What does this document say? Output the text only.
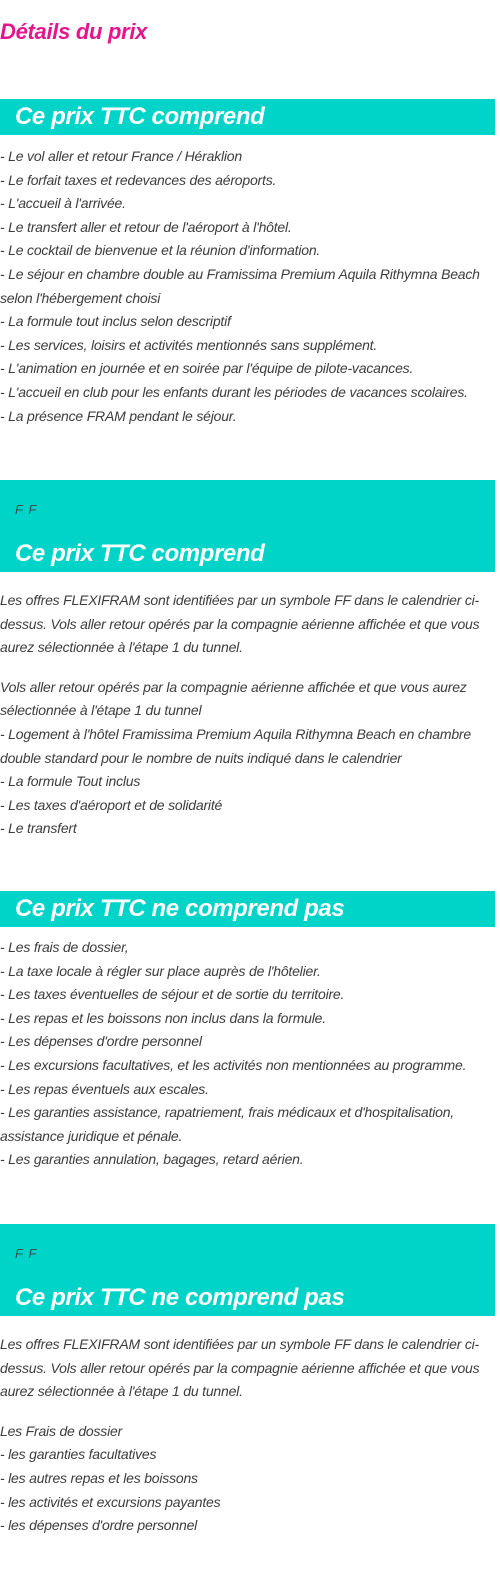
Détails du prix
Ce prix TTC comprend
- Le vol aller et retour France / Héraklion
- Le forfait taxes et redevances des aéroports.
- L'accueil à l'arrivée.
- Le transfert aller et retour de l'aéroport à l'hôtel.
- Le cocktail de bienvenue et la réunion d'information.
- Le séjour en chambre double au Framissima Premium Aquila Rithymna Beach selon l'hébergement choisi
- La formule tout inclus selon descriptif
- Les services, loisirs et activités mentionnés sans supplément.
- L'animation en journée et en soirée par l'équipe de pilote-vacances.
- L'accueil en club pour les enfants durant les périodes de vacances scolaires.
- La présence FRAM pendant le séjour.
F F
Ce prix TTC comprend

Les offres FLEXIFRAM sont identifiées par un symbole FF dans le calendrier ci-dessus. Vols aller retour opérés par la compagnie aérienne affichée et que vous aurez sélectionnée à l'étape 1 du tunnel.

Vols aller retour opérés par la compagnie aérienne affichée et que vous aurez sélectionnée à l'étape 1 du tunnel
- Logement à l'hôtel Framissima Premium Aquila Rithymna Beach en chambre double standard pour le nombre de nuits indiqué dans le calendrier
- La formule Tout inclus
- Les taxes d'aéroport et de solidarité
- Le transfert
Ce prix TTC ne comprend pas
- Les frais de dossier,
- La taxe locale à régler sur place auprès de l'hôtelier.
- Les taxes éventuelles de séjour et de sortie du territoire.
- Les repas et les boissons non inclus dans la formule.
- Les dépenses d'ordre personnel
- Les excursions facultatives, et les activités non mentionnées au programme.
- Les repas éventuels aux escales.
- Les garanties assistance, rapatriement, frais médicaux et d'hospitalisation, assistance juridique et pénale.
- Les garanties annulation, bagages, retard aérien.
F F
Ce prix TTC ne comprend pas

Les offres FLEXIFRAM sont identifiées par un symbole FF dans le calendrier ci-dessus. Vols aller retour opérés par la compagnie aérienne affichée et que vous aurez sélectionnée à l'étape 1 du tunnel.

Les Frais de dossier
- les garanties facultatives
- les autres repas et les boissons
- les activités et excursions payantes
- les dépenses d'ordre personnel
